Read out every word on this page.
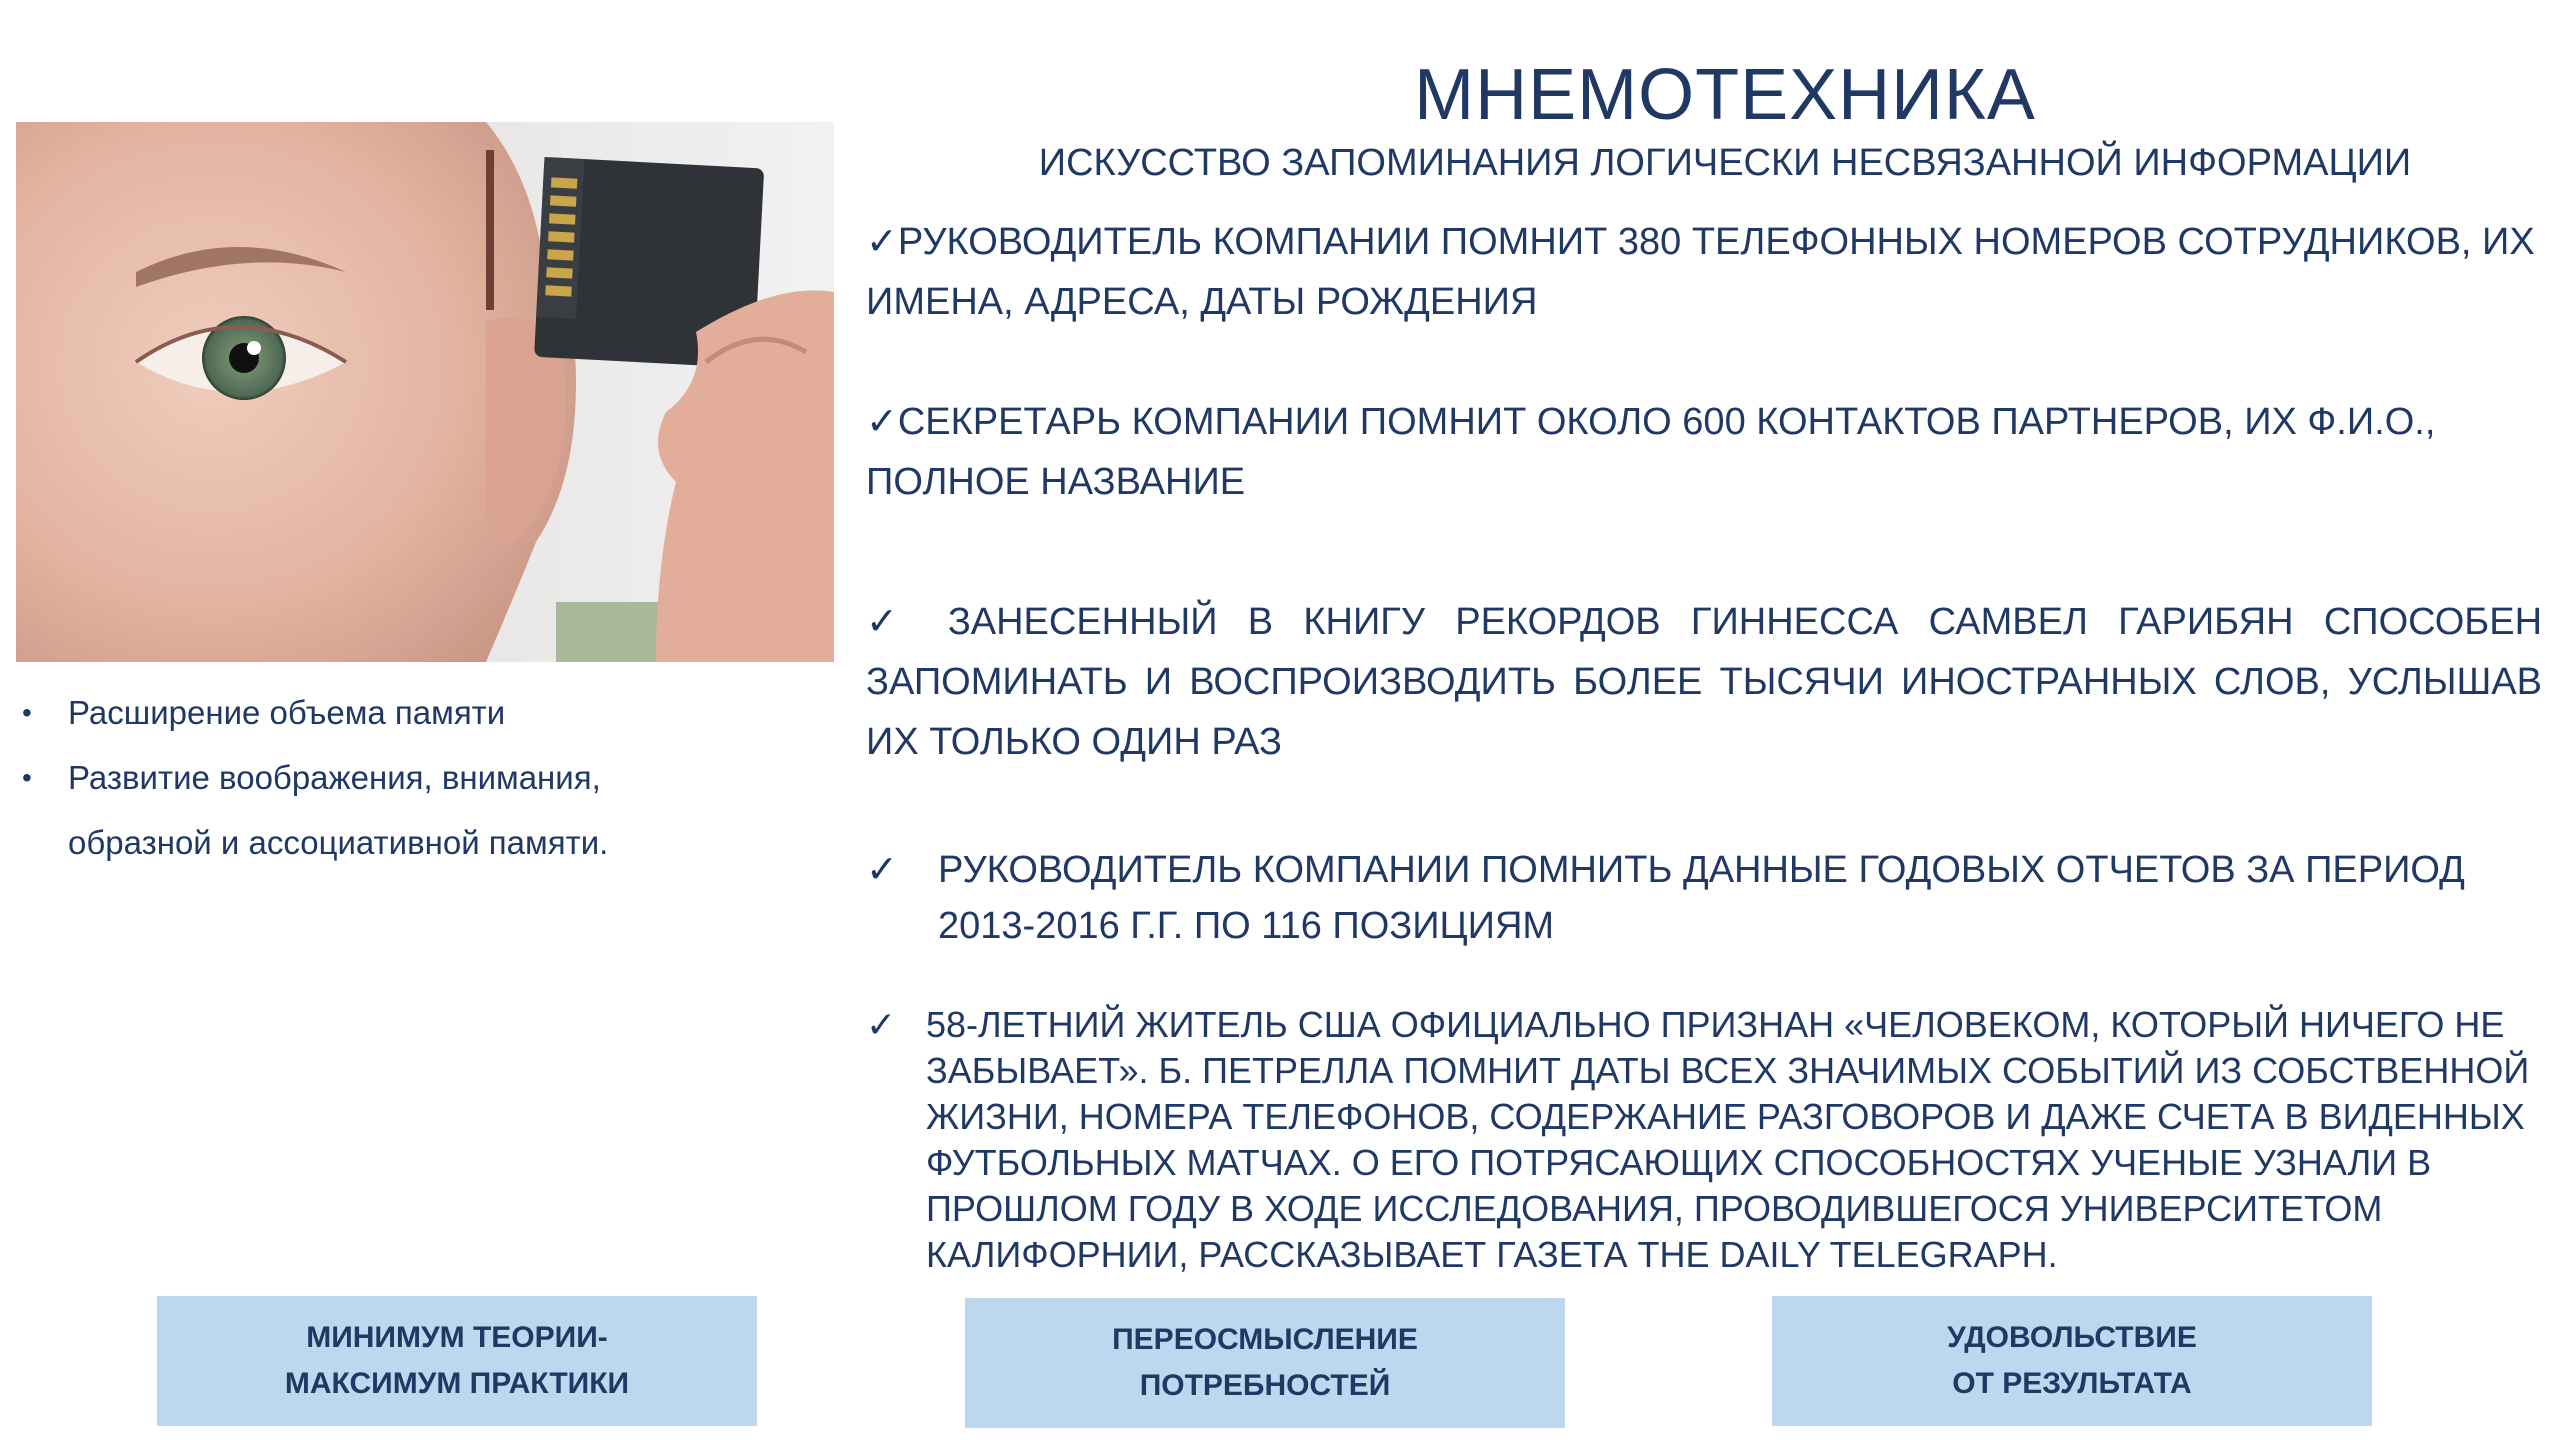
МНЕМОТЕХНИКА
ИСКУССТВО ЗАПОМИНАНИЯ ЛОГИЧЕСКИ НЕСВЯЗАННОЙ ИНФОРМАЦИИ
• Расширение объема памяти
• Развитие воображения, внимания,
образной и ассоциативной памяти.
✓РУКОВОДИТЕЛЬ КОМПАНИИ ПОМНИТ 380 ТЕЛЕФОННЫХ НОМЕРОВ СОТРУДНИКОВ, ИХ ИМЕНА, АДРЕСА, ДАТЫ РОЖДЕНИЯ
✓СЕКРЕТАРЬ КОМПАНИИ ПОМНИТ ОКОЛО 600 КОНТАКТОВ ПАРТНЕРОВ, ИХ Ф.И.О., ПОЛНОЕ НАЗВАНИЕ
✓ ЗАНЕСЕННЫЙ В КНИГУ РЕКОРДОВ ГИННЕССА САМВЕЛ ГАРИБЯН СПОСОБЕН ЗАПОМИНАТЬ И ВОСПРОИЗВОДИТЬ БОЛЕЕ ТЫСЯЧИ ИНОСТРАННЫХ СЛОВ, УСЛЫШАВ ИХ ТОЛЬКО ОДИН РАЗ
✓ РУКОВОДИТЕЛЬ КОМПАНИИ ПОМНИТЬ ДАННЫЕ ГОДОВЫХ ОТЧЕТОВ ЗА ПЕРИОД 2013-2016 Г.Г. ПО 116 ПОЗИЦИЯМ
✓ 58-ЛЕТНИЙ ЖИТЕЛЬ США ОФИЦИАЛЬНО ПРИЗНАН «ЧЕЛОВЕКОМ, КОТОРЫЙ НИЧЕГО НЕ ЗАБЫВАЕТ». Б. ПЕТРЕЛЛА ПОМНИТ ДАТЫ ВСЕХ ЗНАЧИМЫХ СОБЫТИЙ ИЗ СОБСТВЕННОЙ ЖИЗНИ, НОМЕРА ТЕЛЕФОНОВ, СОДЕРЖАНИЕ РАЗГОВОРОВ И ДАЖЕ СЧЕТА В ВИДЕННЫХ ФУТБОЛЬНЫХ МАТЧАХ. О ЕГО ПОТРЯСАЮЩИХ СПОСОБНОСТЯХ УЧЕНЫЕ УЗНАЛИ В ПРОШЛОМ ГОДУ В ХОДЕ ИССЛЕДОВАНИЯ, ПРОВОДИВШЕГОСЯ УНИВЕРСИТЕТОМ КАЛИФОРНИИ, РАССКАЗЫВАЕТ ГАЗЕТА THE DAILY TELEGRAPH.
МИНИМУМ ТЕОРИИ-
МАКСИМУМ ПРАКТИКИ
ПЕРЕОСМЫСЛЕНИЕ
ПОТРЕБНОСТЕЙ
УДОВОЛЬСТВИЕ
ОТ РЕЗУЛЬТАТА
